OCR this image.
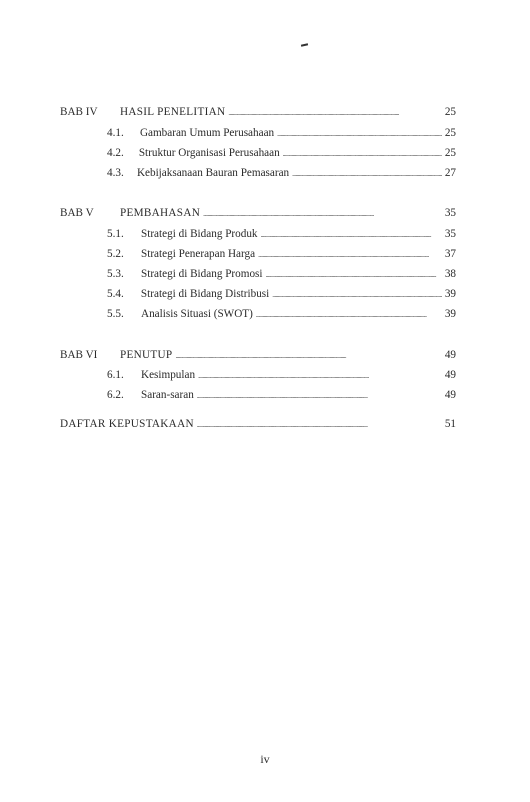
BAB IV	HASIL PENELITIAN . . .	25
4.1.	Gambaran Umum Perusahaan . . .	25
4.2.	Struktur Organisasi Perusahaan . . .	25
4.3.	Kebijaksanaan Bauran Pemasaran . . .	27
BAB V	PEMBAHASAN . . .	35
5.1.	Strategi di Bidang Produk . . .	35
5.2.	Strategi Penerapan Harga . . .	37
5.3.	Strategi di Bidang Promosi . . .	38
5.4.	Strategi di Bidang Distribusi . . .	39
5.5.	Analisis Situasi (SWOT) . . .	39
BAB VI	PENUTUP . . .	49
6.1.	Kesimpulan . . .	49
6.2.	Saran-saran . . .	49
DAFTAR KEPUSTAKAAN . . .	51
iv
